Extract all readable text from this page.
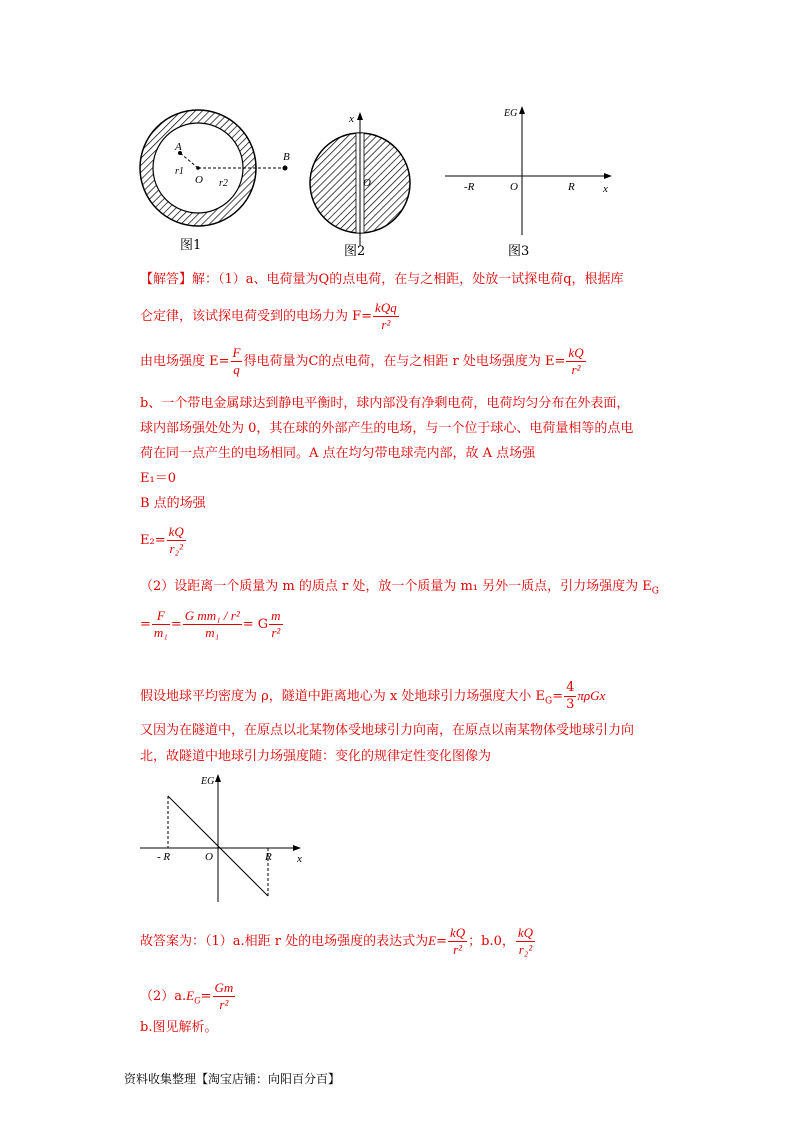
A
B
O
r1
r2
图1
x
O
图2
EG
-R	O	R	x
图3
【解答】解：（1）a、电荷量为Q的点电荷，在与之相距，处放一试探电荷q，根据库
仑定律，该试探电荷受到的电场力为 $F= \frac{\text{kQq}}{\text{r²}}$
由电场强度 $E= \frac{F}{q}$ 得电荷量为C的点电荷，在与之相距 r 处电场强度为 $E= \frac{kQ}{\text{r²}}$
b、一个带电金属球达到静电平衡时，球内部没有净剩电荷，电荷均匀分布在外表面，
球内部场强处处为 0，其在球的外部产生的电场，与一个位于球心、电荷量相等的点电
荷在同一点产生的电场相同。A 点在均匀带电球壳内部，故 A 点场强
E₁＝0
B 点的场强
$E_2= \frac{kQ}{\text{r₂²}}$
（2）设距离一个质量为 m 的质点 r 处，放一个质量为 m₁ 另外一质点，引力场强度为 $E_G$
= $\frac{F}{\text{m₁}} = \frac{\text{G mm₁ / r²}}{\text{m₁}} = G \frac{m}{\text{r²}}$
假设地球平均密度为 ρ，隧道中距离地心为 x 处地球引力场强度大小 $E_G= \frac{4}{3}$ πρGx
又因为在隧道中，在原点以北某物体受地球引力向南，在原点以南某物体受地球引力向
北，故隧道中地球引力场强度随：变化的规律定性变化图像为
EG
- R	O	R x
故答案为：（1）a.相距 r 处的电场强度的表达式为$E= \frac{kQ}{\text{r²}}$ ；b.0， $\frac{kQ}{\text{r₂²}}$
$(2)a.E_G= \frac{Gm}{\text{r²}}$
b.图见解析。
资料收集整理【淘宝店铺：向阳百分百】
